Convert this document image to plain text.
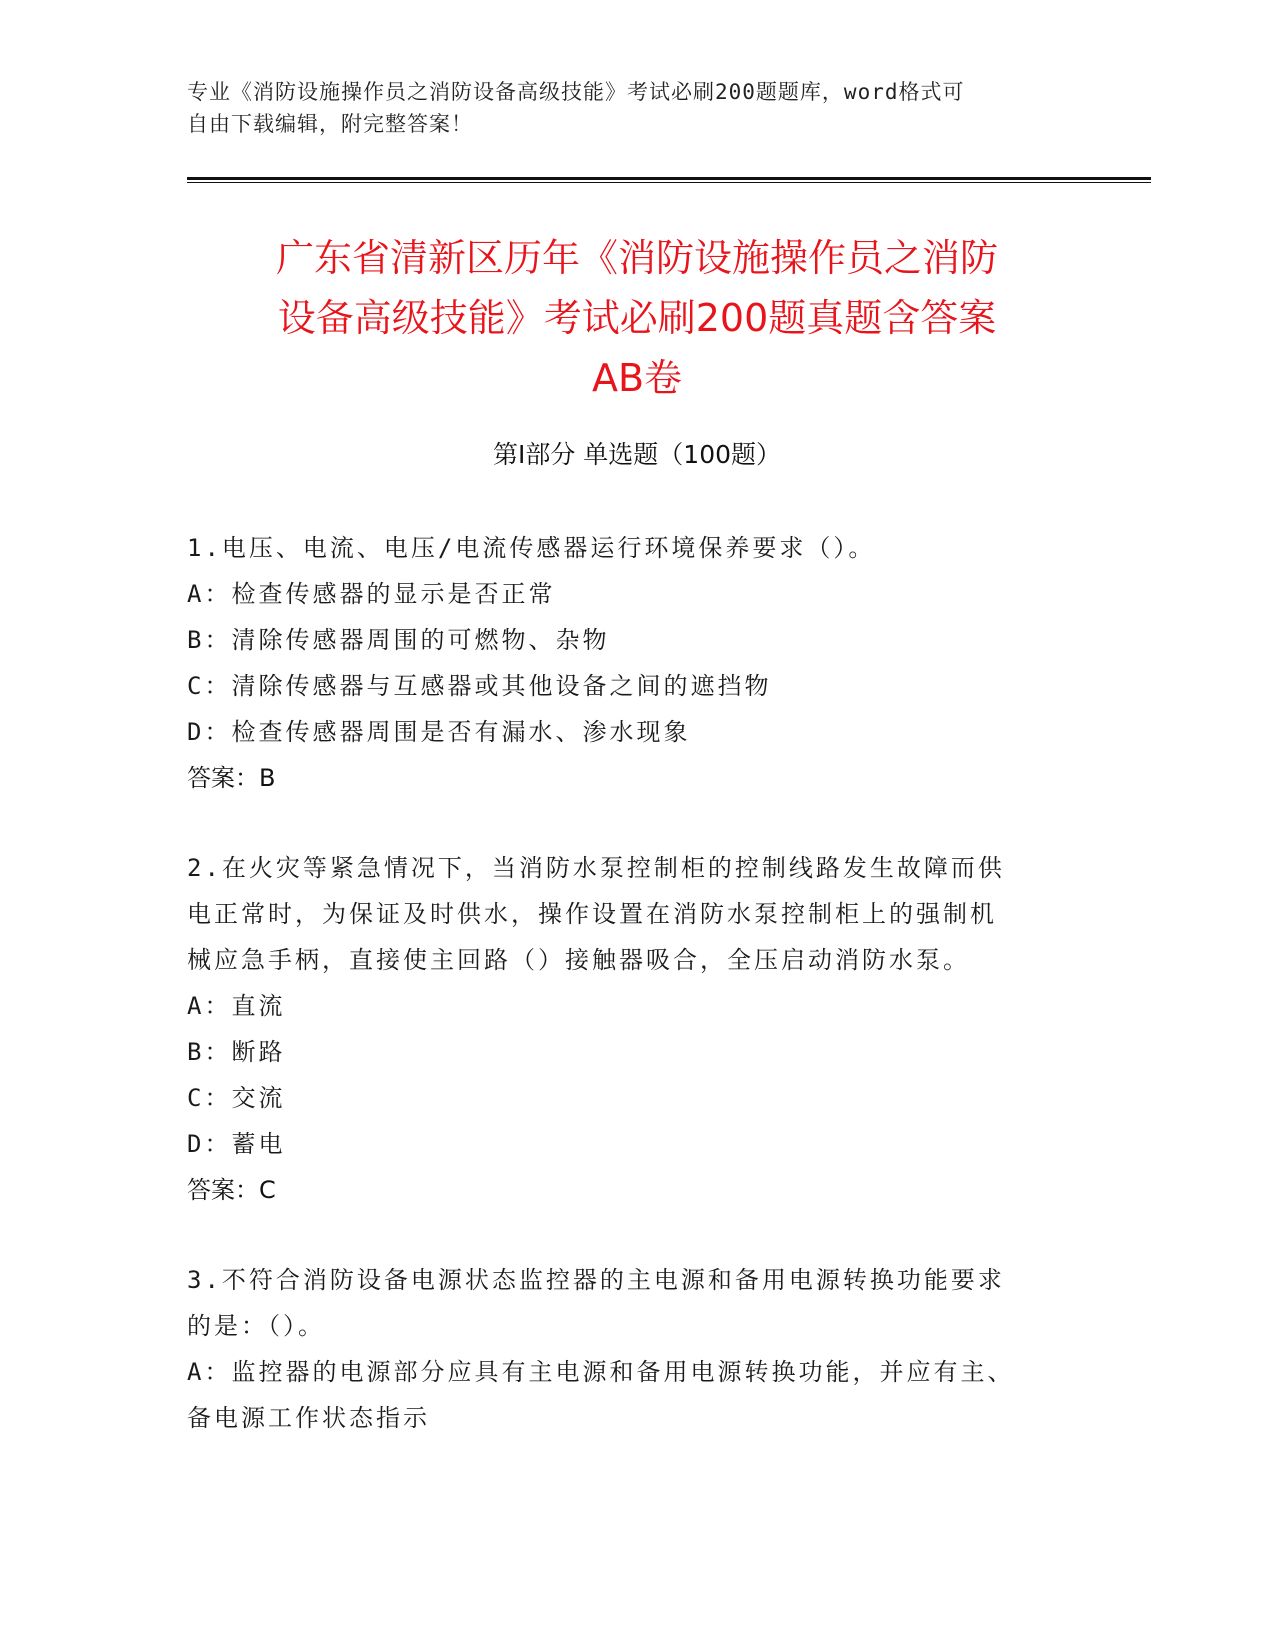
专业《消防设施操作员之消防设备高级技能》考试必刷200题题库，word格式可
自由下载编辑，附完整答案！
广东省清新区历年《消防设施操作员之消防
设备高级技能》考试必刷200题真题含答案
AB卷
第Ⅰ部分 单选题（100题）
1.电压、电流、电压/电流传感器运行环境保养要求（）。
A：检查传感器的显示是否正常
B：清除传感器周围的可燃物、杂物
C：清除传感器与互感器或其他设备之间的遮挡物
D：检查传感器周围是否有漏水、渗水现象
答案：B
2.在火灾等紧急情况下，当消防水泵控制柜的控制线路发生故障而供
电正常时，为保证及时供水，操作设置在消防水泵控制柜上的强制机
械应急手柄，直接使主回路（）接触器吸合，全压启动消防水泵。
A：直流
B：断路
C：交流
D：蓄电
答案：C
3.不符合消防设备电源状态监控器的主电源和备用电源转换功能要求
的是：（）。
A：监控器的电源部分应具有主电源和备用电源转换功能，并应有主、
备电源工作状态指示
